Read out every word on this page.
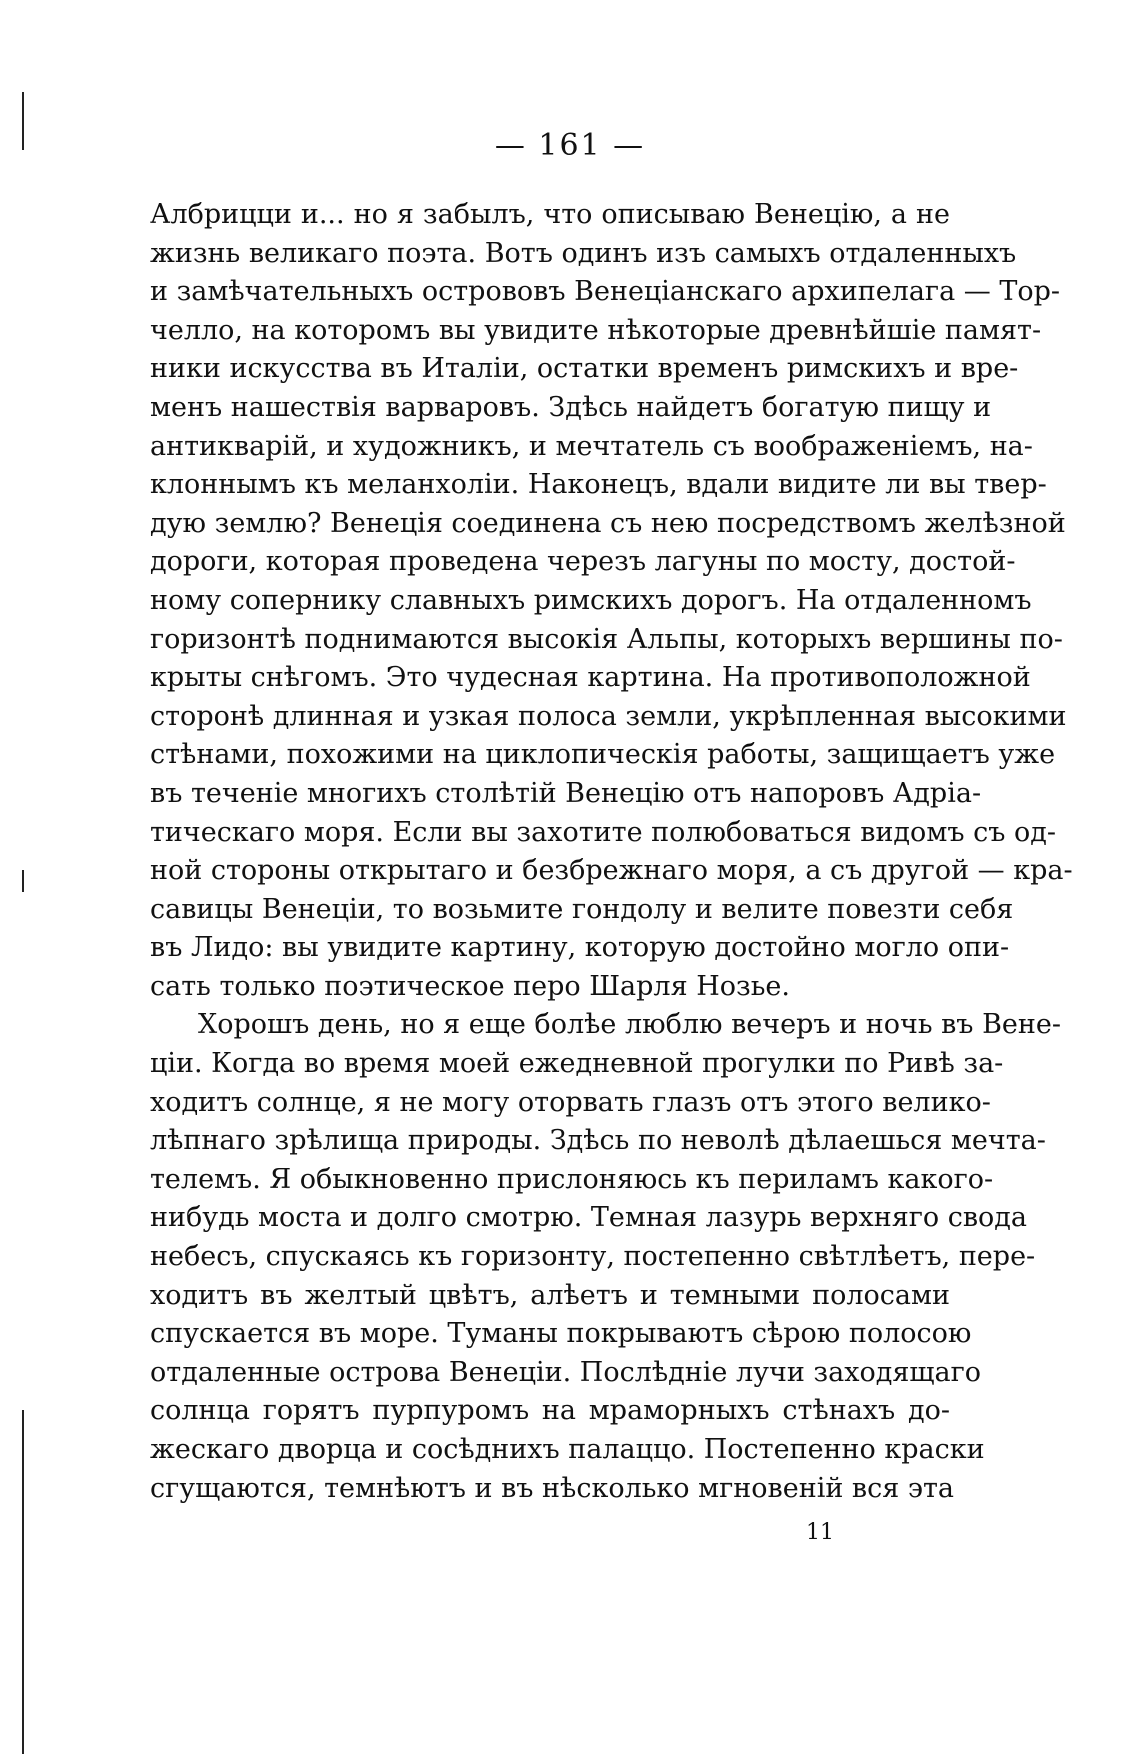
— 161 —
Албрицци и... но я забылъ, что описываю Венецію, а не
жизнь великаго поэта. Вотъ одинъ изъ самыхъ отдаленныхъ
и замѣчательныхъ острововъ Венеціанскаго архипелага — Тор-
челло, на которомъ вы увидите нѣкоторые древнѣйшіе памят-
ники искусства въ Италіи, остатки временъ римскихъ и вре-
менъ нашествія варваровъ. Здѣсь найдетъ богатую пищу и
антикварій, и художникъ, и мечтатель съ воображеніемъ, на-
клоннымъ къ меланхоліи. Наконецъ, вдали видите ли вы твер-
дую землю? Венеція соединена съ нею посредствомъ желѣзной
дороги, которая проведена черезъ лагуны по мосту, достой-
ному сопернику славныхъ римскихъ дорогъ. На отдаленномъ
горизонтѣ поднимаются высокія Альпы, которыхъ вершины по-
крыты снѣгомъ. Это чудесная картина. На противоположной
сторонѣ длинная и узкая полоса земли, укрѣпленная высокими
стѣнами, похожими на циклопическія работы, защищаетъ уже
въ теченіе многихъ столѣтій Венецію отъ напоровъ Адріа-
тическаго моря. Если вы захотите полюбоваться видомъ съ од-
ной стороны открытаго и безбрежнаго моря, а съ другой — кра-
савицы Венеціи, то возьмите гондолу и велите повезти себя
въ Лидо: вы увидите картину, которую достойно могло опи-
сать только поэтическое перо Шарля Нозье.
Хорошъ день, но я еще болѣе люблю вечеръ и ночь въ Вене-
ціи. Когда во время моей ежедневной прогулки по Ривѣ за-
ходитъ солнце, я не могу оторвать глазъ отъ этого велико-
лѣпнаго зрѣлища природы. Здѣсь по неволѣ дѣлаешься мечта-
телемъ. Я обыкновенно прислоняюсь къ периламъ какого-
нибудь моста и долго смотрю. Темная лазурь верхняго свода
небесъ, спускаясь къ горизонту, постепенно свѣтлѣетъ, пере-
ходитъ въ желтый цвѣтъ, алѣетъ и темными полосами
спускается въ море. Туманы покрываютъ сѣрою полосою
отдаленные острова Венеціи. Послѣдніе лучи заходящаго
солнца горятъ пурпуромъ на мраморныхъ стѣнахъ до-
жескаго дворца и сосѣднихъ палаццо. Постепенно краски
сгущаются, темнѣютъ и въ нѣсколько мгновеній вся эта
11
